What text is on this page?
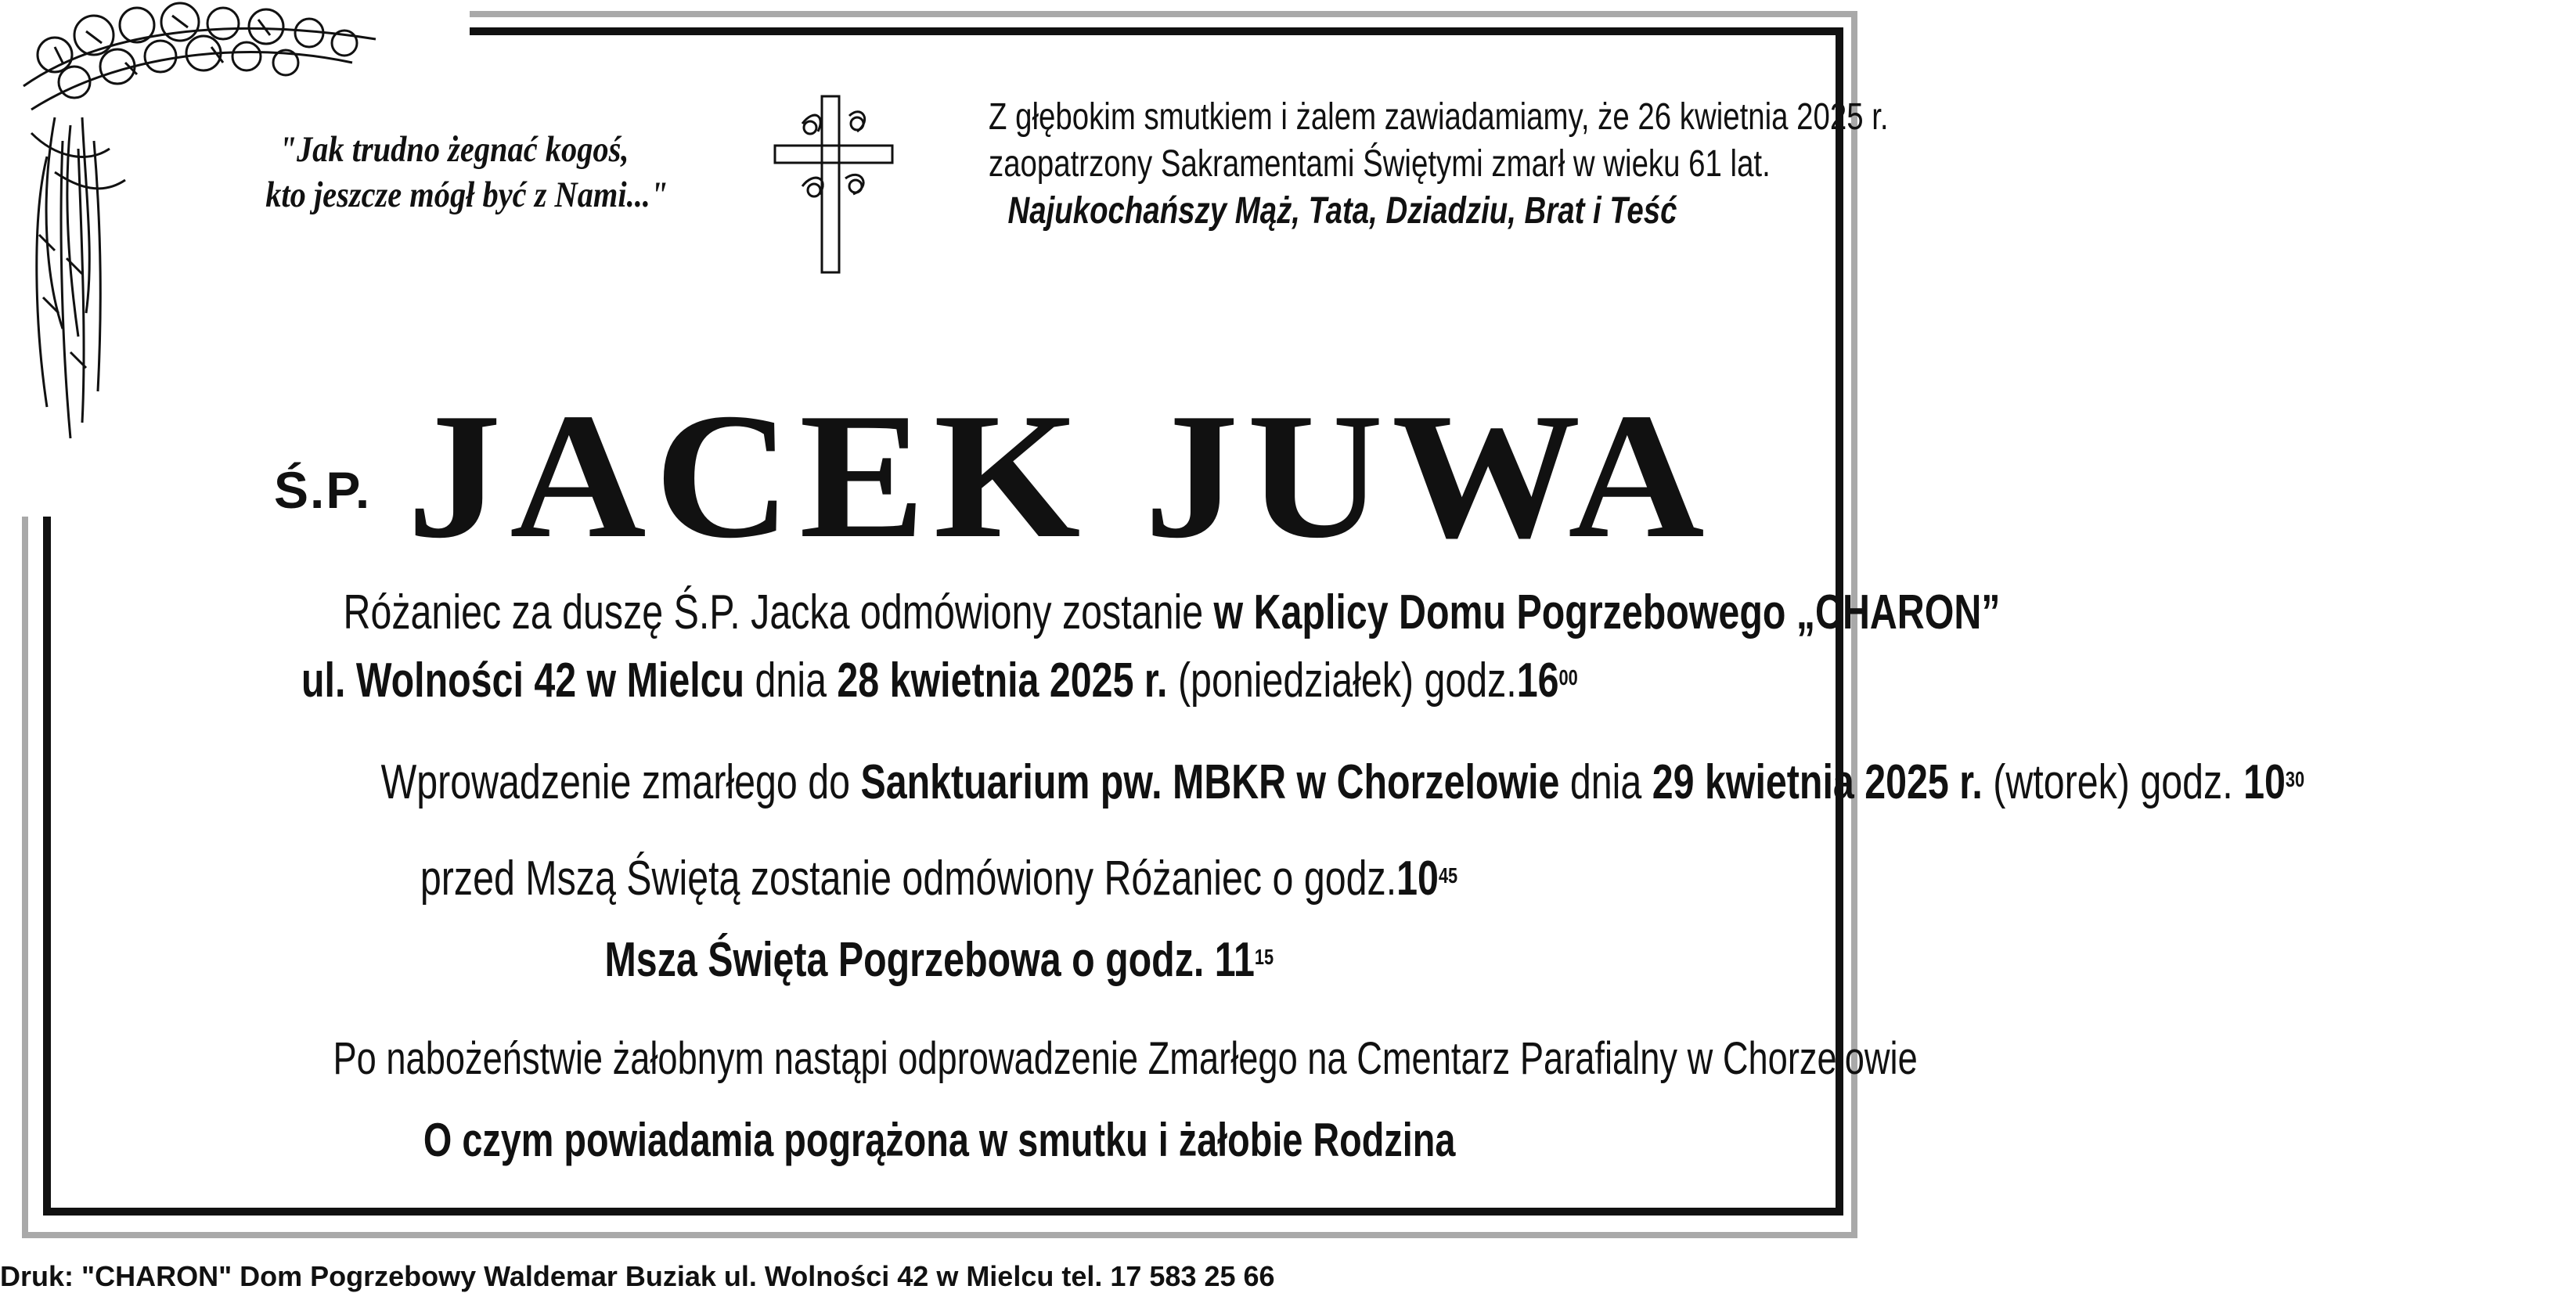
"Jak trudno żegnać kogoś,
kto jeszcze mógł być z Nami..."
Z głębokim smutkiem i żalem zawiadamiamy, że 26 kwietnia 2025 r.
zaopatrzony Sakramentami Świętymi zmarł w wieku 61 lat.
Najukochańszy Mąż, Tata, Dziadziu, Brat i Teść
Ś.P. JACEK JUWA
Różaniec za duszę Ś.P. Jacka odmówiony zostanie w Kaplicy Domu Pogrzebowego „CHARON”
ul. Wolności 42 w Mielcu dnia 28 kwietnia 2025 r. (poniedziałek) $godz.16^{00}$
Wprowadzenie zmarłego do Sanktuarium pw. MBKR w Chorzelowie dnia 29 kwietnia 2025 r. (wtorek) godz. $10^{30}$
przed Mszą Świętą zostanie odmówiony Różaniec o $godz.10^{45}$
Msza Święta Pogrzebowa o godz. $11^{15}$
Po nabożeństwie żałobnym nastąpi odprowadzenie Zmarłego na Cmentarz Parafialny w Chorzelowie
O czym powiadamia pogrążona w smutku i żałobie Rodzina
Druk: "CHARON" Dom Pogrzebowy Waldemar Buziak ul. Wolności 42 w Mielcu tel. 17 583 25 66
